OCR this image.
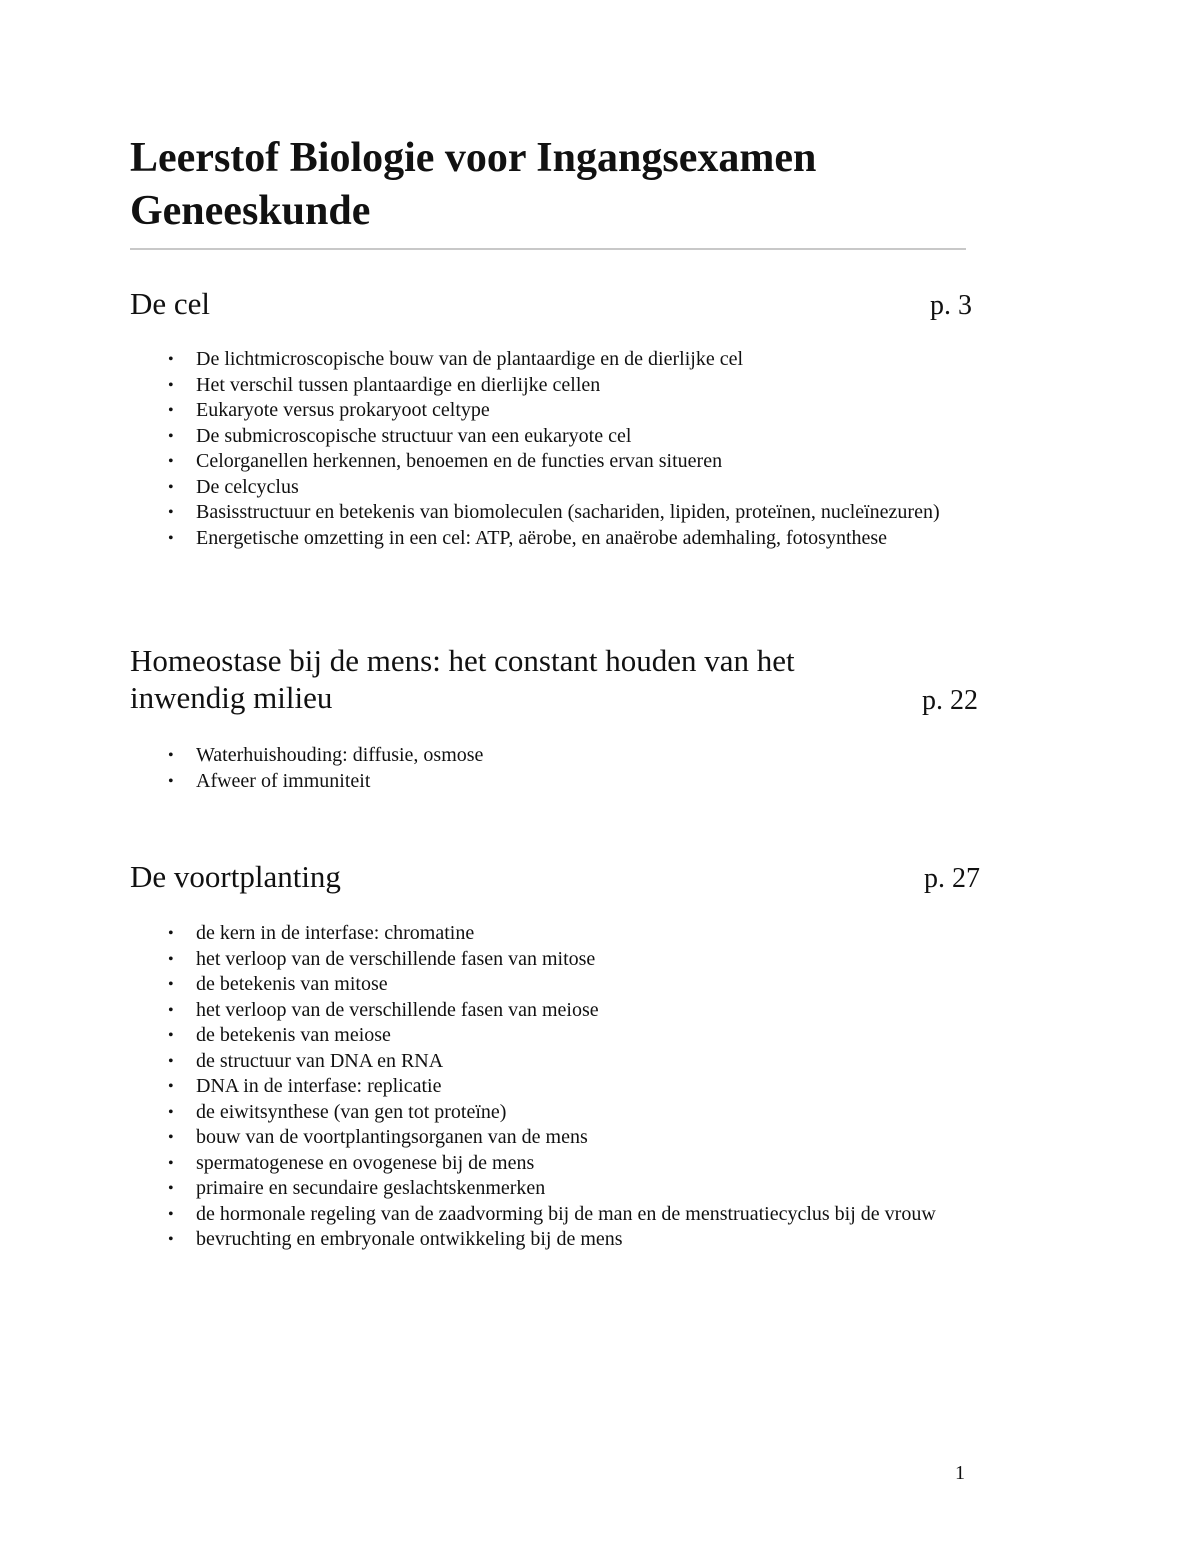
Leerstof Biologie voor Ingangsexamen Geneeskunde
De cel	p. 3
• De lichtmicroscopische bouw van de plantaardige en de dierlijke cel
• Het verschil tussen plantaardige en dierlijke cellen
• Eukaryote versus prokaryoot celtype
• De submicroscopische structuur van een eukaryote cel
• Celorganellen herkennen, benoemen en de functies ervan situeren
• De celcyclus
• Basisstructuur en betekenis van biomoleculen (sachariden, lipiden, proteïnen, nucleïnezuren)
• Energetische omzetting in een cel: ATP, aërobe, en anaërobe ademhaling, fotosynthese
Homeostase bij de mens: het constant houden van het inwendig milieu	p. 22
• Waterhuishouding: diffusie, osmose
• Afweer of immuniteit
De voortplanting	p. 27
• de kern in de interfase: chromatine
• het verloop van de verschillende fasen van mitose
• de betekenis van mitose
• het verloop van de verschillende fasen van meiose
• de betekenis van meiose
• de structuur van DNA en RNA
• DNA in de interfase: replicatie
• de eiwitsynthese (van gen tot proteïne)
• bouw van de voortplantingsorganen van de mens
• spermatogenese en ovogenese bij de mens
• primaire en secundaire geslachtskenmerken
• de hormonale regeling van de zaadvorming bij de man en de menstruatiecyclus bij de vrouw
• bevruchting en embryonale ontwikkeling bij de mens
1
